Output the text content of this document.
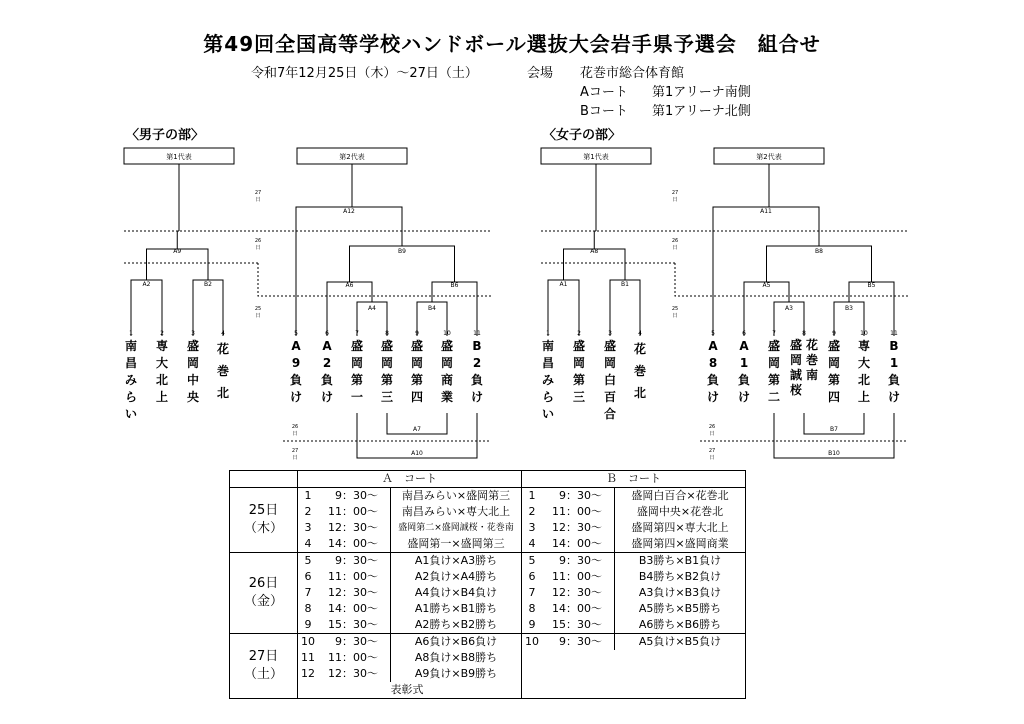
第49回全国高等学校ハンドボール選抜大会岩手県予選会　組合せ
令和7年12月25日（木）～27日（土）	会場 花巻市総合体育館
Aコート 第1アリーナ南側
Bコート 第1アリーナ北側
〈男子の部〉	〈女子の部〉
第1代表	第2代表
27
日
26
日
25
日
26
日
27
日
A2	B2
A9
A4	B4
A6	B6
B9
A12
A7
A10
1	2	3	4	5	6	7	8	9	10	11
第1代表	第2代表
27
日
26
日
25
日
26
日
27
日
A1	B1
A8
A3	B3
A5	B5
B8
A11
B7
B10
1	2	3	4	5	6	7	8	9	10	11
南
昌
み
ら
い
専
大
北
上
盛
岡
中
央
花
巻
北
A
9
負
け
A
2
負
け
盛
岡
第
一
盛
岡
第
三
盛
岡
第
四
盛
岡
商
業
B
2
負
け
南
昌
み
ら
い
盛
岡
第
三
盛
岡
白
百
合
花
巻
北
A
8
負
け
A
1
負
け
盛
岡
第
二
盛
岡
誠
桜
花
巻
南
盛
岡
第
四
専
大
北
上
B
1
負
け
	Ａ　コート			Ｂ　コート		

25日
（木）	1	9：30～	南昌みらい×盛岡第三	1	9：30～	盛岡白百合×花巻北
	2	11：00～	南昌みらい×専大北上	2	11：00～	盛岡中央×花巻北
	3	12：30～	盛岡第二×盛岡誠桜・花巻南	3	12：30～	盛岡第四×専大北上
	4	14：00～	盛岡第一×盛岡第三	4	14：00～	盛岡第四×盛岡商業

26日
（金）	5	9：30～	A1負け×A3勝ち	5	9：30～	B3勝ち×B1負け
	6	11：00～	A2負け×A4勝ち	6	11：00～	B4勝ち×B2負け
	7	12：30～	A4負け×B4負け	7	12：30～	A3負け×B3負け
	8	14：00～	A1勝ち×B1勝ち	8	14：00～	A5勝ち×B5勝ち
	9	15：30～	A2勝ち×B2勝ち	9	15：30～	A6勝ち×B6勝ち

27日
（土）	10	9：30～	A6負け×B6負け	10	9：30～	A5負け×B5負け
	11	11：00～	A8負け×B8勝ち			
	12	12：30～	A9負け×B9勝ち			
			表彰式			
